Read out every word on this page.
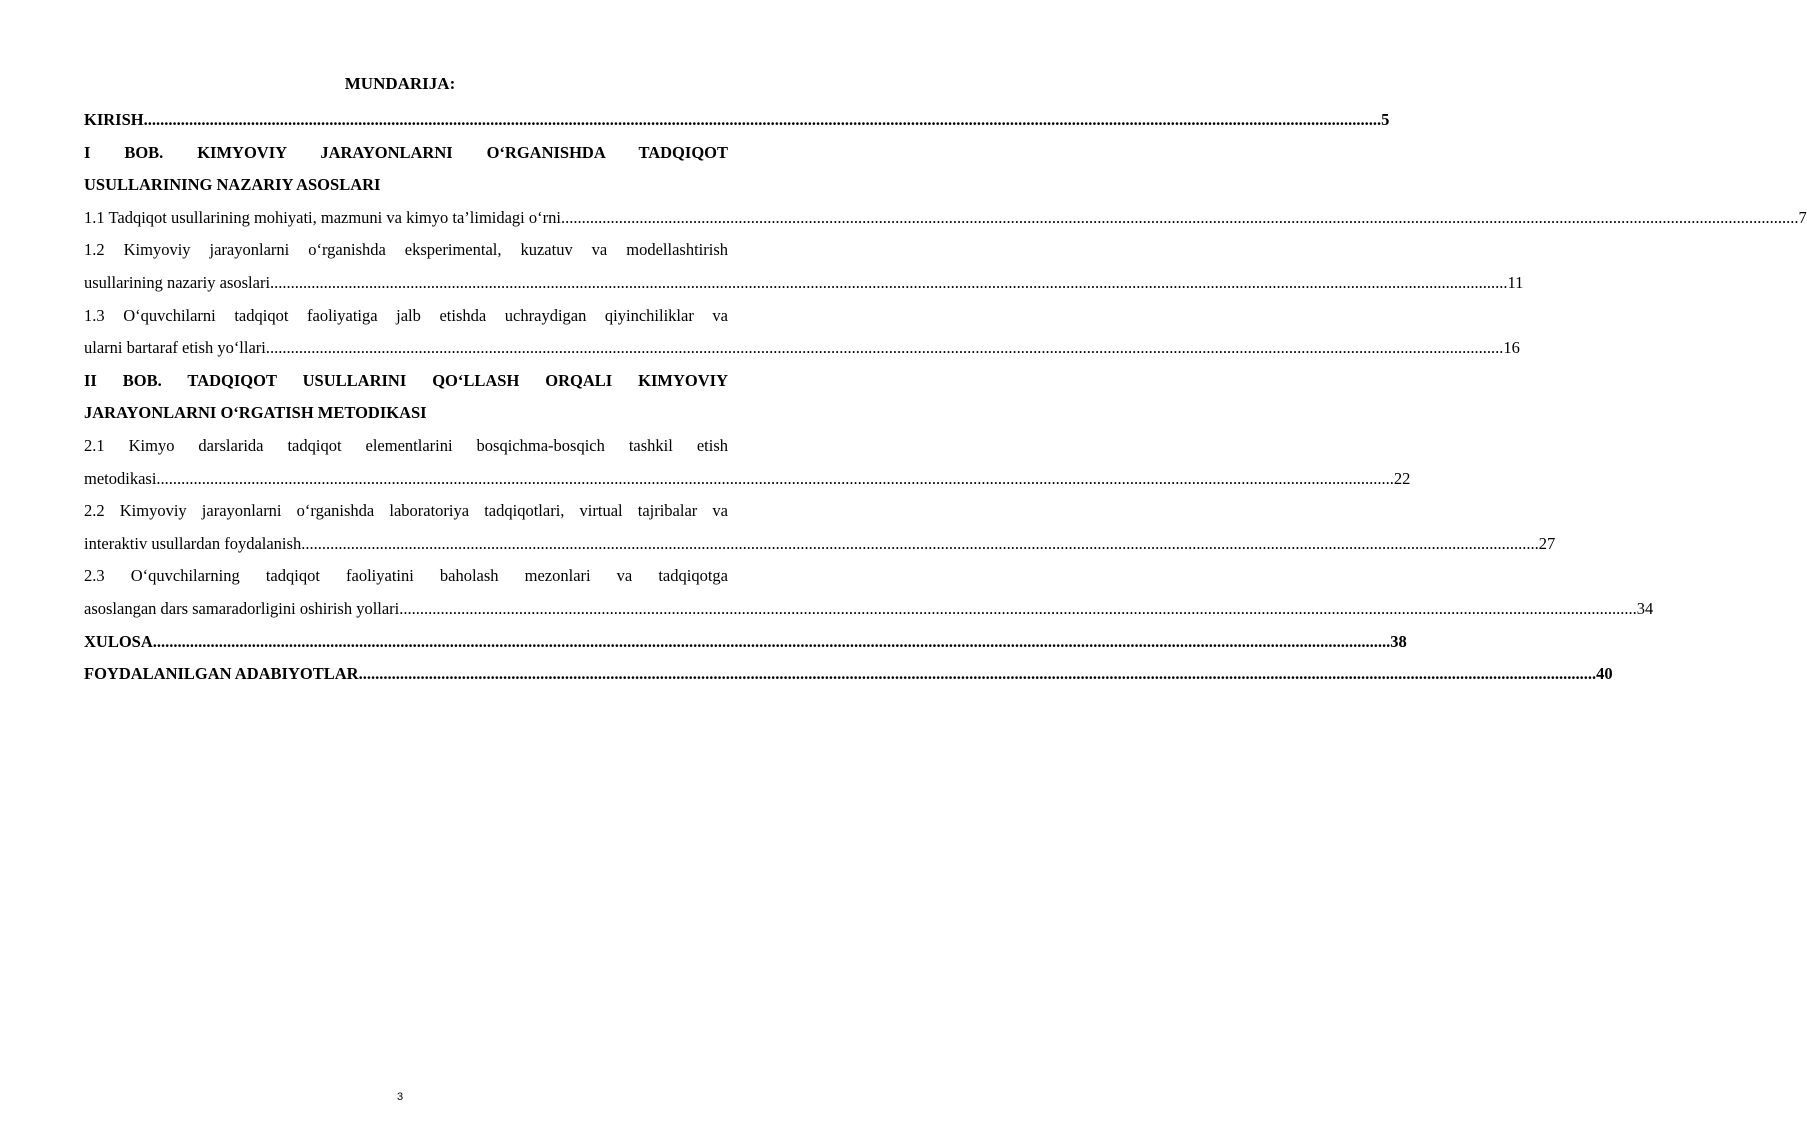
MUNDARIJA:
KIRISH ............................................................................................................................................................................................................................................................................................................ 5
I BOB. KIMYOVIY JARAYONLARNI O‘RGANISHDA TADQIQOT
USULLARINING NAZARIY ASOSLARI
1.1 Tadqiqot usullarining mohiyati, mazmuni va kimyo ta’limidagi o‘rni ............................................................................................................................................................................................................................................................................................................ 7
1.2 Kimyoviy jarayonlarni o‘rganishda eksperimental, kuzatuv va modellashtirish
usullarining nazariy asoslari ............................................................................................................................................................................................................................................................................................................ 11
1.3 O‘quvchilarni tadqiqot faoliyatiga jalb etishda uchraydigan qiyinchiliklar va
ularni bartaraf etish yo‘llari ............................................................................................................................................................................................................................................................................................................ 16
II BOB. TADQIQOT USULLARINI QO‘LLASH ORQALI KIMYOVIY
JARAYONLARNI O‘RGATISH METODIKASI
2.1 Kimyo darslarida tadqiqot elementlarini bosqichma-bosqich tashkil etish
metodikasi ............................................................................................................................................................................................................................................................................................................ 22
2.2 Kimyoviy jarayonlarni o‘rganishda laboratoriya tadqiqotlari, virtual tajribalar va
interaktiv usullardan foydalanish ............................................................................................................................................................................................................................................................................................................ 27
2.3 O‘quvchilarning tadqiqot faoliyatini baholash mezonlari va tadqiqotga
asoslangan dars samaradorligini oshirish yollari ............................................................................................................................................................................................................................................................................................................ 34
XULOSA ............................................................................................................................................................................................................................................................................................................ 38
FOYDALANILGAN ADABIYOTLAR ............................................................................................................................................................................................................................................................................................................ 40
3
